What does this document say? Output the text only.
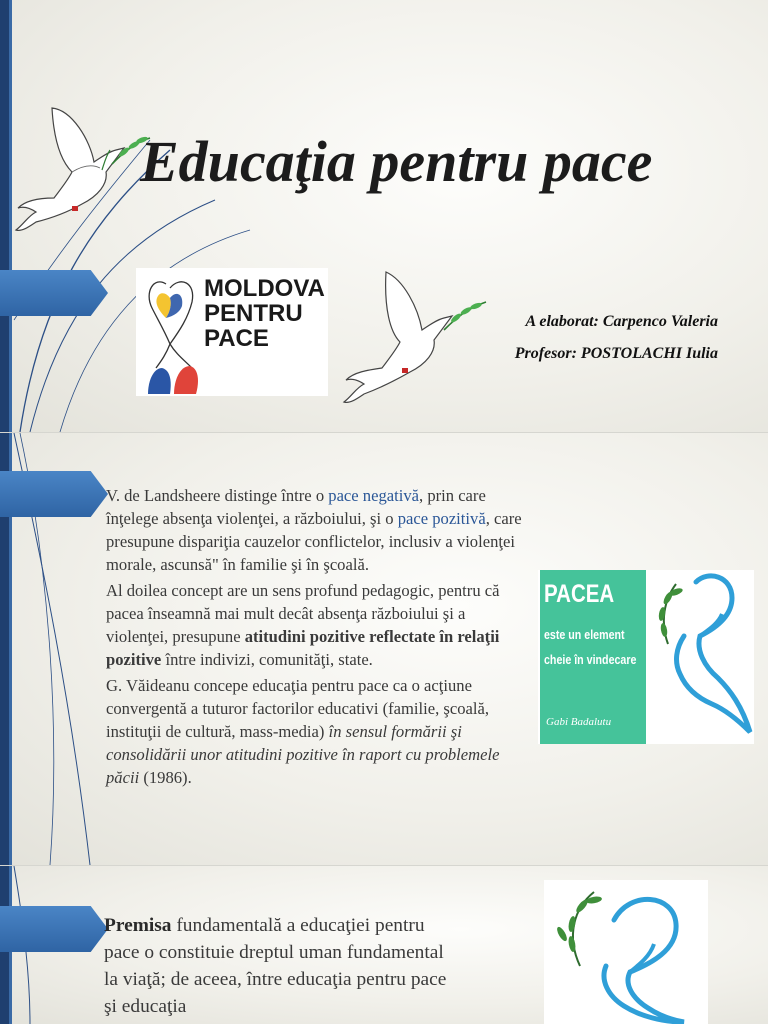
Educaţia pentru pace
MOLDOVA
PENTRU
PACE
A elaborat: Carpenco Valeria
Profesor: POSTOLACHI Iulia

V. de Landsheere distinge între o pace negativă, prin care înţelege absenţa violenţei, a războiului, şi o pace pozitivă, care presupune dispariţia cauzelor conflictelor, inclusiv a violenţei morale, ascunsă" în familie şi în şcoală.

Al doilea concept are un sens profund pedagogic, pentru că pacea înseamnă mai mult decât absenţa războiului şi a violenţei, presupune atitudini pozitive reflectate în relaţii pozitive între indivizi, comunităţi, state.

G. Văideanu concepe educaţia pentru pace ca o acţiune convergentă a tuturor factorilor educativi (familie, şcoală, instituţii de cultură, mass-media) în sensul formării şi consolidării unor atitudini pozitive în raport cu problemele păcii (1986).

PACEA
este un element
cheie în vindecare
Gabi Badalutu
Premisa fundamentală a educaţiei pentru pace o constituie dreptul uman fundamental la viaţă; de aceea, între educaţia pentru pace şi educaţia
